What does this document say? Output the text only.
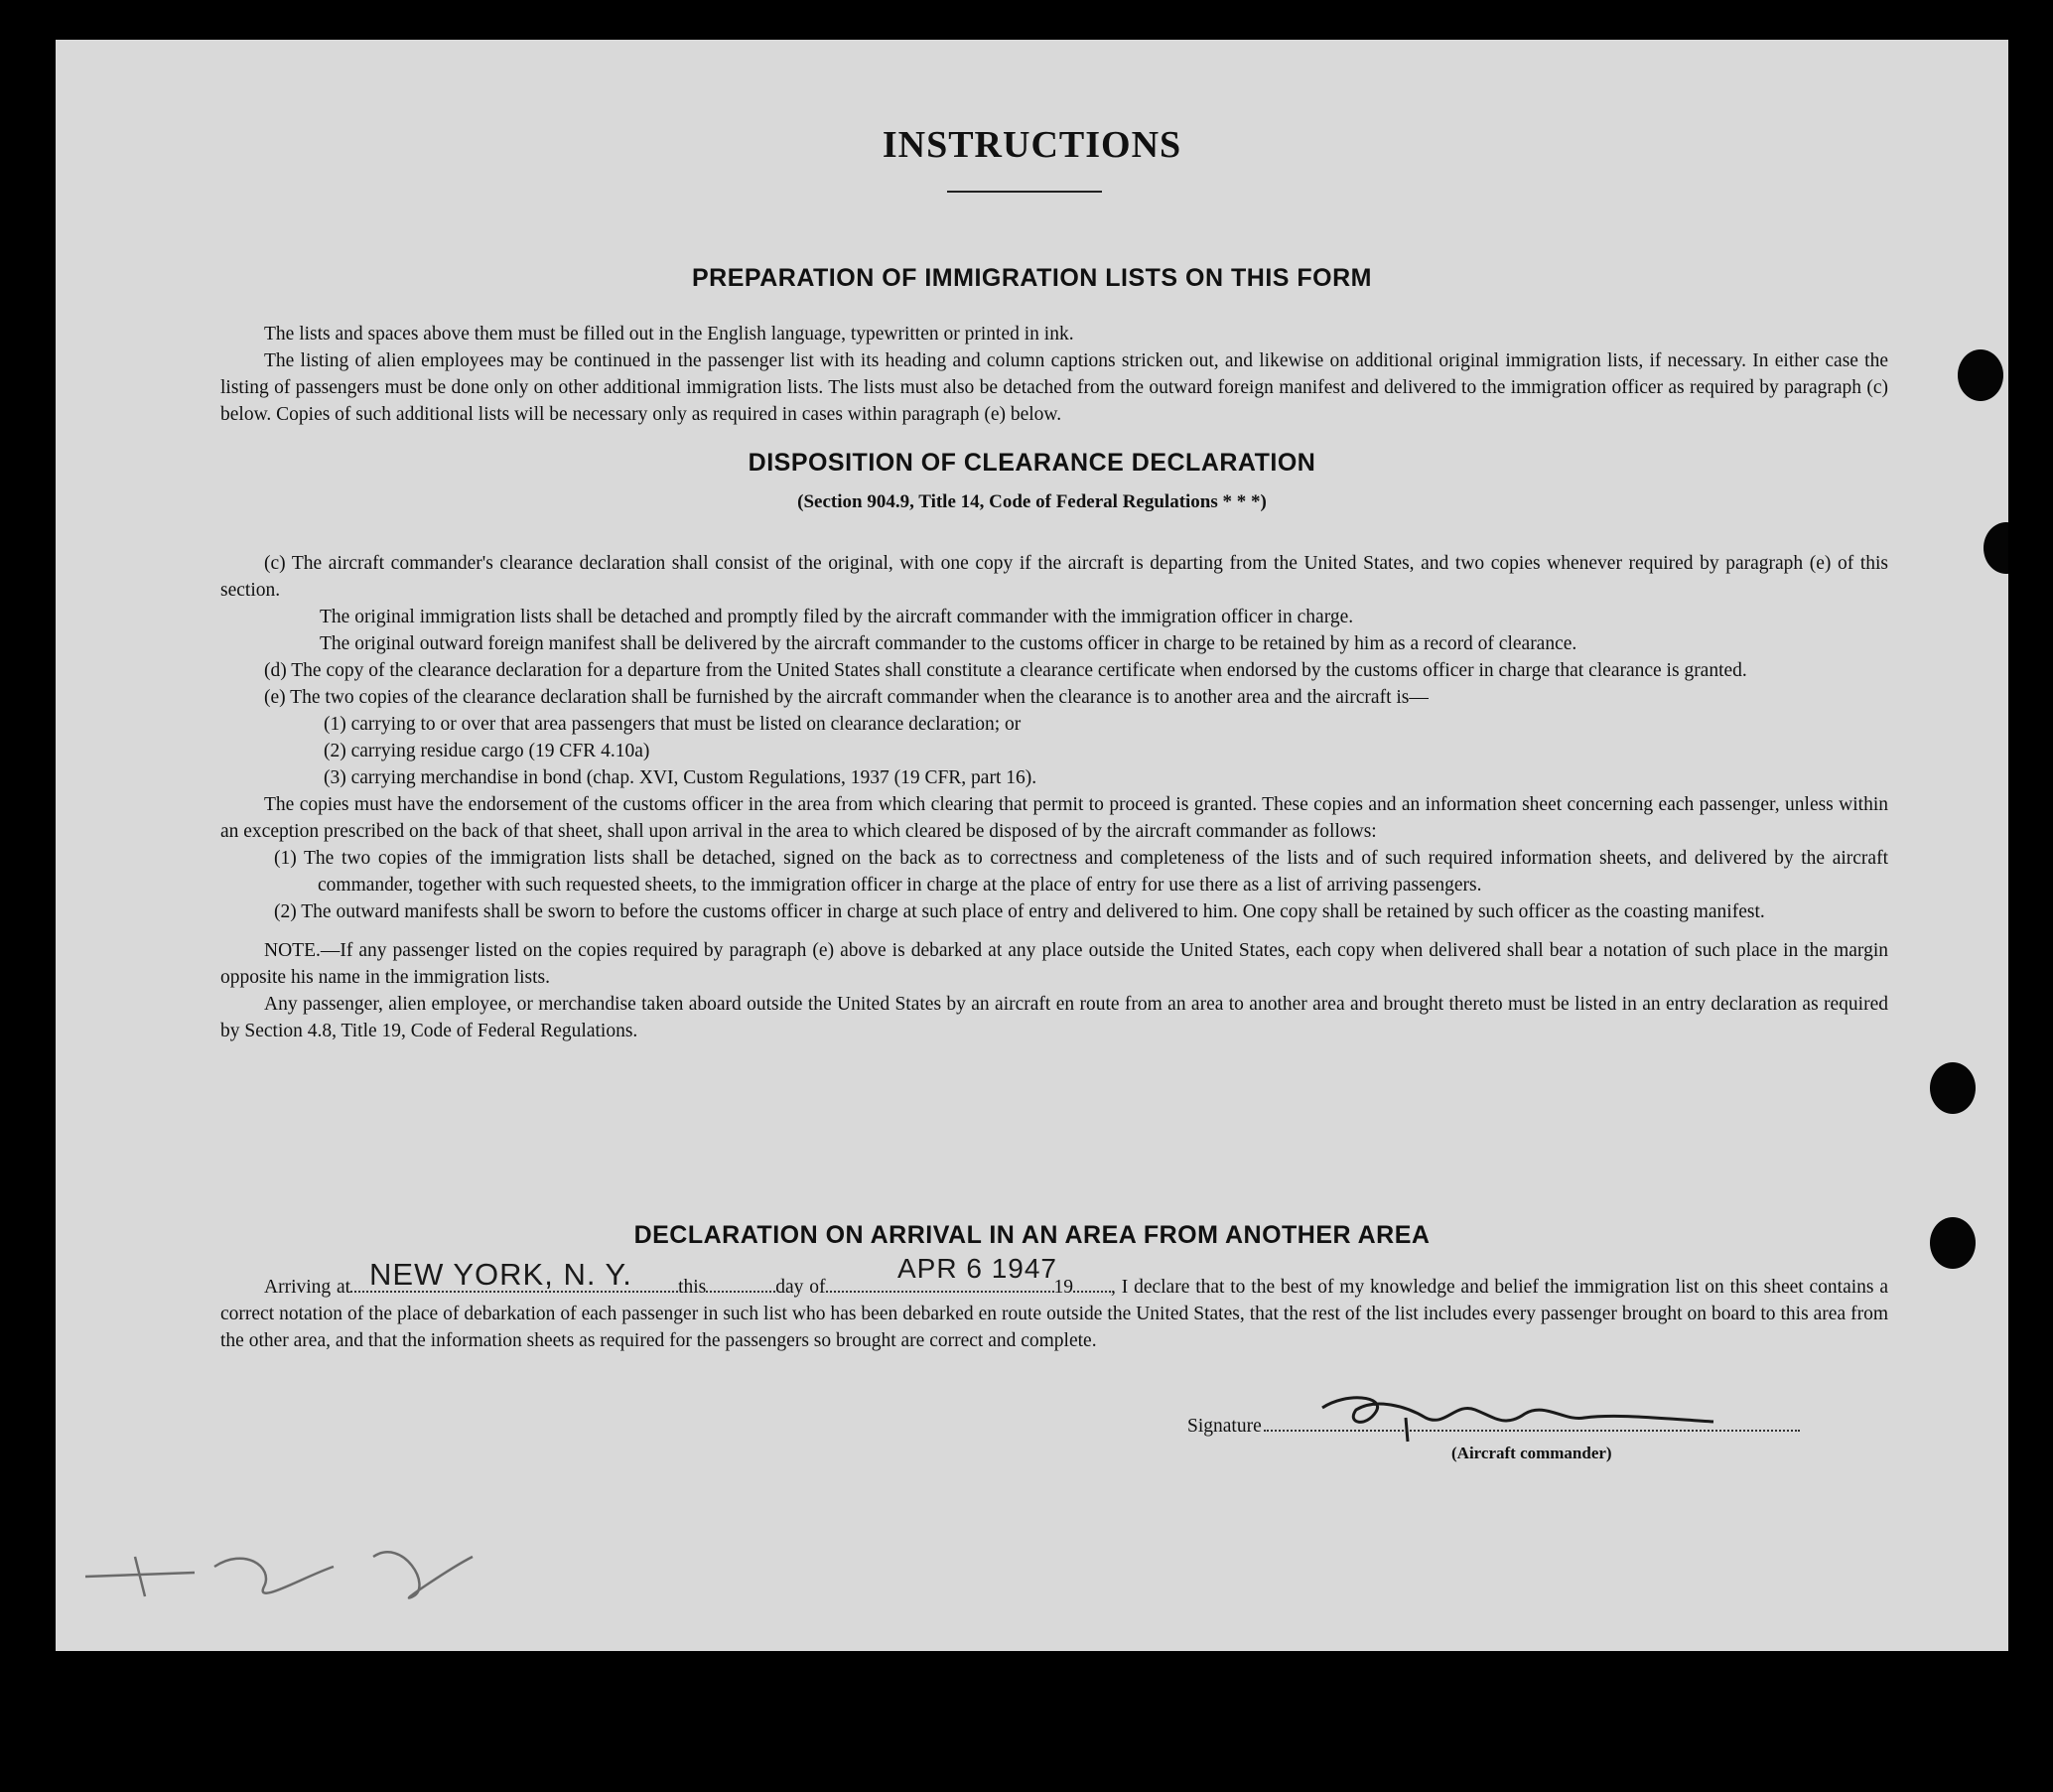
INSTRUCTIONS
PREPARATION OF IMMIGRATION LISTS ON THIS FORM

The lists and spaces above them must be filled out in the English language, typewritten or printed in ink.

The listing of alien employees may be continued in the passenger list with its heading and column captions stricken out, and likewise on additional original immigration lists, if necessary. In either case the listing of passengers must be done only on other additional immigration lists. The lists must also be detached from the outward foreign manifest and delivered to the immigration officer as required by paragraph (c) below. Copies of such additional lists will be necessary only as required in cases within paragraph (e) below.

DISPOSITION OF CLEARANCE DECLARATION
(Section 904.9, Title 14, Code of Federal Regulations * * *)

(c) The aircraft commander's clearance declaration shall consist of the original, with one copy if the aircraft is departing from the United States, and two copies whenever required by paragraph (e) of this section.

The original immigration lists shall be detached and promptly filed by the aircraft commander with the immigration officer in charge.

The original outward foreign manifest shall be delivered by the aircraft commander to the customs officer in charge to be retained by him as a record of clearance.

(d) The copy of the clearance declaration for a departure from the United States shall constitute a clearance certificate when endorsed by the customs officer in charge that clearance is granted.

(e) The two copies of the clearance declaration shall be furnished by the aircraft commander when the clearance is to another area and the aircraft is—

(1) carrying to or over that area passengers that must be listed on clearance declaration; or

(2) carrying residue cargo (19 CFR 4.10a)

(3) carrying merchandise in bond (chap. XVI, Custom Regulations, 1937 (19 CFR, part 16).

The copies must have the endorsement of the customs officer in the area from which clearing that permit to proceed is granted. These copies and an information sheet concerning each passenger, unless within an exception prescribed on the back of that sheet, shall upon arrival in the area to which cleared be disposed of by the aircraft commander as follows:

(1) The two copies of the immigration lists shall be detached, signed on the back as to correctness and completeness of the lists and of such required information sheets, and delivered by the aircraft commander, together with such requested sheets, to the immigration officer in charge at the place of entry for use there as a list of arriving passengers.

(2) The outward manifests shall be sworn to before the customs officer in charge at such place of entry and delivered to him. One copy shall be retained by such officer as the coasting manifest.

NOTE.—If any passenger listed on the copies required by paragraph (e) above is debarked at any place outside the United States, each copy when delivered shall bear a notation of such place in the margin opposite his name in the immigration lists.

Any passenger, alien employee, or merchandise taken aboard outside the United States by an aircraft en route from an area to another area and brought thereto must be listed in an entry declaration as required by Section 4.8, Title 19, Code of Federal Regulations.

DECLARATION ON ARRIVAL IN AN AREA FROM ANOTHER AREA
Arriving at	this	day of	19 , I declare that to the best of my knowledge and belief the immigration list on this sheet contains a correct notation of the place of debarkation of each passenger in such list who has been debarked en route outside the United States, that the rest of the list includes every passenger brought on board to this area from the other area, and that the information sheets as required for the passengers so brought are correct and complete.
NEW YORK, N. Y.	APR 6 1947
Signature
(Aircraft commander)
